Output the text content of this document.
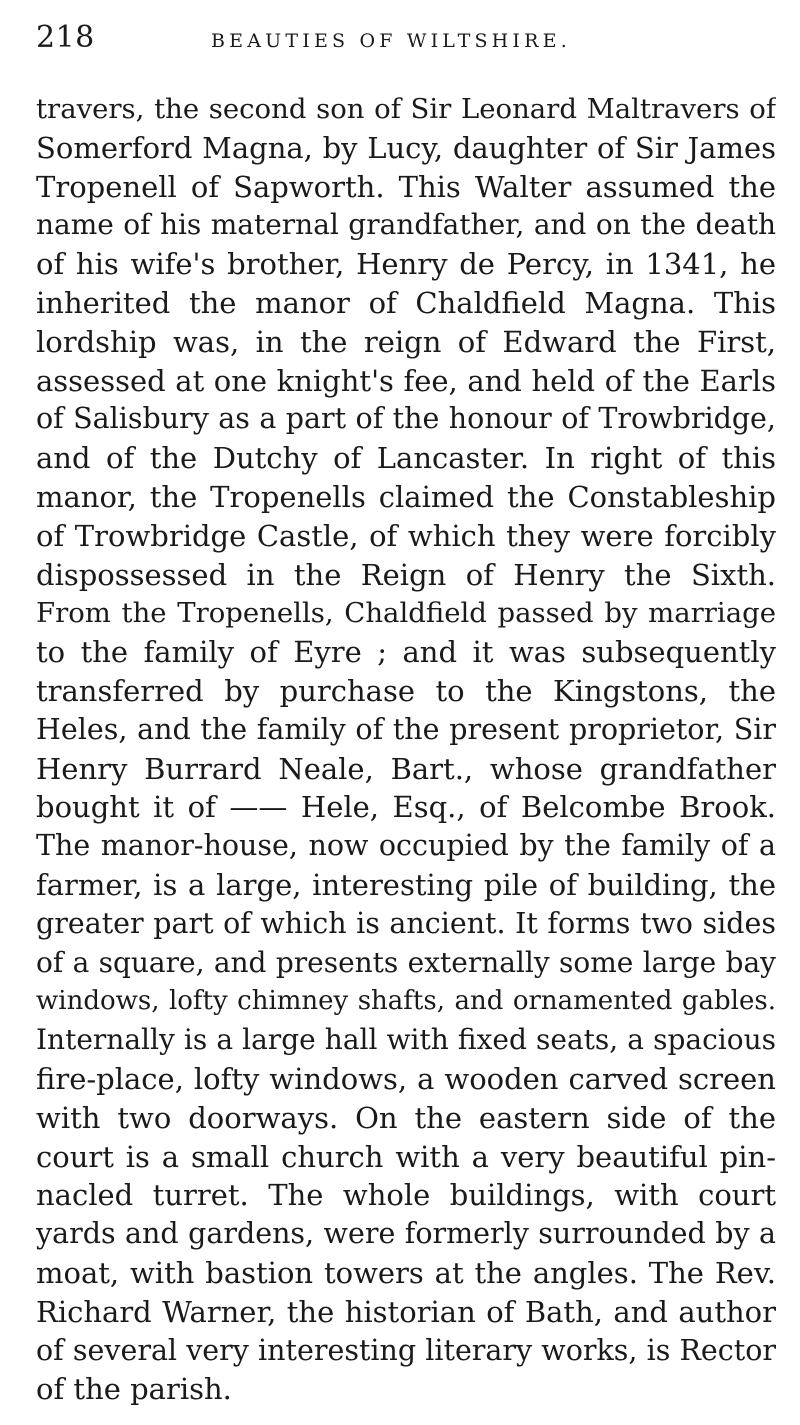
218	BEAUTIES OF WILTSHIRE.
travers, the second son of Sir Leonard Maltravers of
Somerford Magna, by Lucy, daughter of Sir James
Tropenell of Sapworth. This Walter assumed the
name of his maternal grandfather, and on the death
of his wife's brother, Henry de Percy, in 1341, he
inherited the manor of Chaldfield Magna. This
lordship was, in the reign of Edward the First,
assessed at one knight's fee, and held of the Earls
of Salisbury as a part of the honour of Trowbridge,
and of the Dutchy of Lancaster. In right of this
manor, the Tropenells claimed the Constableship
of Trowbridge Castle, of which they were forcibly
dispossessed in the Reign of Henry the Sixth.
From the Tropenells, Chaldfield passed by marriage
to the family of Eyre ; and it was subsequently
transferred by purchase to the Kingstons, the
Heles, and the family of the present proprietor, Sir
Henry Burrard Neale, Bart., whose grandfather
bought it of —— Hele, Esq., of Belcombe Brook.
The manor-house, now occupied by the family of a
farmer, is a large, interesting pile of building, the
greater part of which is ancient. It forms two sides
of a square, and presents externally some large bay
windows, lofty chimney shafts, and ornamented gables.
Internally is a large hall with fixed seats, a spacious
fire-place, lofty windows, a wooden carved screen
with two doorways. On the eastern side of the
court is a small church with a very beautiful pin-
nacled turret. The whole buildings, with court
yards and gardens, were formerly surrounded by a
moat, with bastion towers at the angles. The Rev.
Richard Warner, the historian of Bath, and author
of several very interesting literary works, is Rector
of the parish.
